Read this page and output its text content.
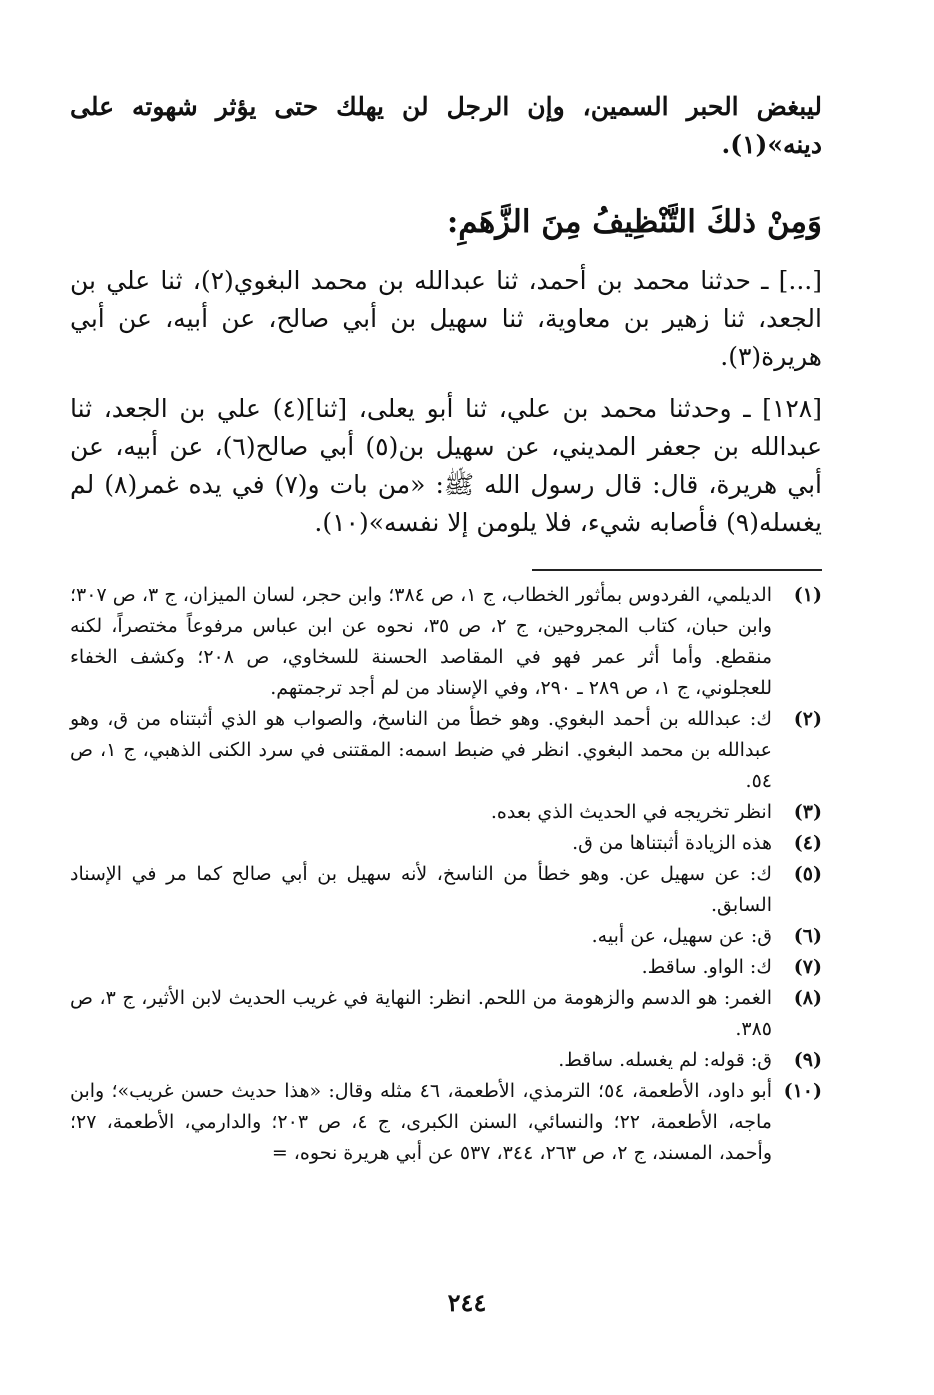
ليبغض الحبر السمين، وإن الرجل لن يهلك حتى يؤثر شهوته على دينه»(١).

وَمِنْ ذلكَ التَّنْظِيفُ مِنَ الزَّهَمِ:

[...] ـ حدثنا محمد بن أحمد، ثنا عبدالله بن محمد البغوي(٢)، ثنا علي بن الجعد، ثنا زهير بن معاوية، ثنا سهيل بن أبي صالح، عن أبيه، عن أبي هريرة(٣).

[١٢٨] ـ وحدثنا محمد بن علي، ثنا أبو يعلى، [ثنا](٤) علي بن الجعد، ثنا عبدالله بن جعفر المديني، عن سهيل بن(٥) أبي صالح(٦)، عن أبيه، عن أبي هريرة، قال: قال رسول الله ﷺ: «من بات و(٧) في يده غمر(٨) لم يغسله(٩) فأصابه شيء، فلا يلومن إلا نفسه»(١٠).

(١)
الديلمي، الفردوس بمأثور الخطاب، ج ١، ص ٣٨٤؛ وابن حجر، لسان الميزان، ج ٣، ص ٣٠٧؛ وابن حبان، كتاب المجروحين، ج ٢، ص ٣٥، نحوه عن ابن عباس مرفوعاً مختصراً، لكنه منقطع. وأما أثر عمر فهو في المقاصد الحسنة للسخاوي، ص ٢٠٨؛ وكشف الخفاء للعجلوني، ج ١، ص ٢٨٩ ـ ٢٩٠، وفي الإسناد من لم أجد ترجمتهم.
(٢)
ك: عبدالله بن أحمد البغوي. وهو خطأ من الناسخ، والصواب هو الذي أثبتناه من ق، وهو عبدالله بن محمد البغوي. انظر في ضبط اسمه: المقتنى في سرد الكنى الذهبي، ج ١، ص ٥٤.
(٣)
انظر تخريجه في الحديث الذي بعده.
(٤)
هذه الزيادة أثبتناها من ق.
(٥)
ك: عن سهيل عن. وهو خطأ من الناسخ، لأنه سهيل بن أبي صالح كما مر في الإسناد السابق.
(٦)
ق: عن سهيل، عن أبيه.
(٧)
ك: الواو. ساقط.
(٨)
الغمر: هو الدسم والزهومة من اللحم. انظر: النهاية في غريب الحديث لابن الأثير، ج ٣، ص ٣٨٥.
(٩)
ق: قوله: لم يغسله. ساقط.
(١٠)
أبو داود، الأطعمة، ٥٤؛ الترمذي، الأطعمة، ٤٦ مثله وقال: «هذا حديث حسن غريب»؛ وابن ماجه، الأطعمة، ٢٢؛ والنسائي، السنن الكبرى، ج ٤، ص ٢٠٣؛ والدارمي، الأطعمة، ٢٧؛ وأحمد، المسند، ج ٢، ص ٢٦٣، ٣٤٤، ٥٣٧ عن أبي هريرة نحوه، =
٢٤٤
